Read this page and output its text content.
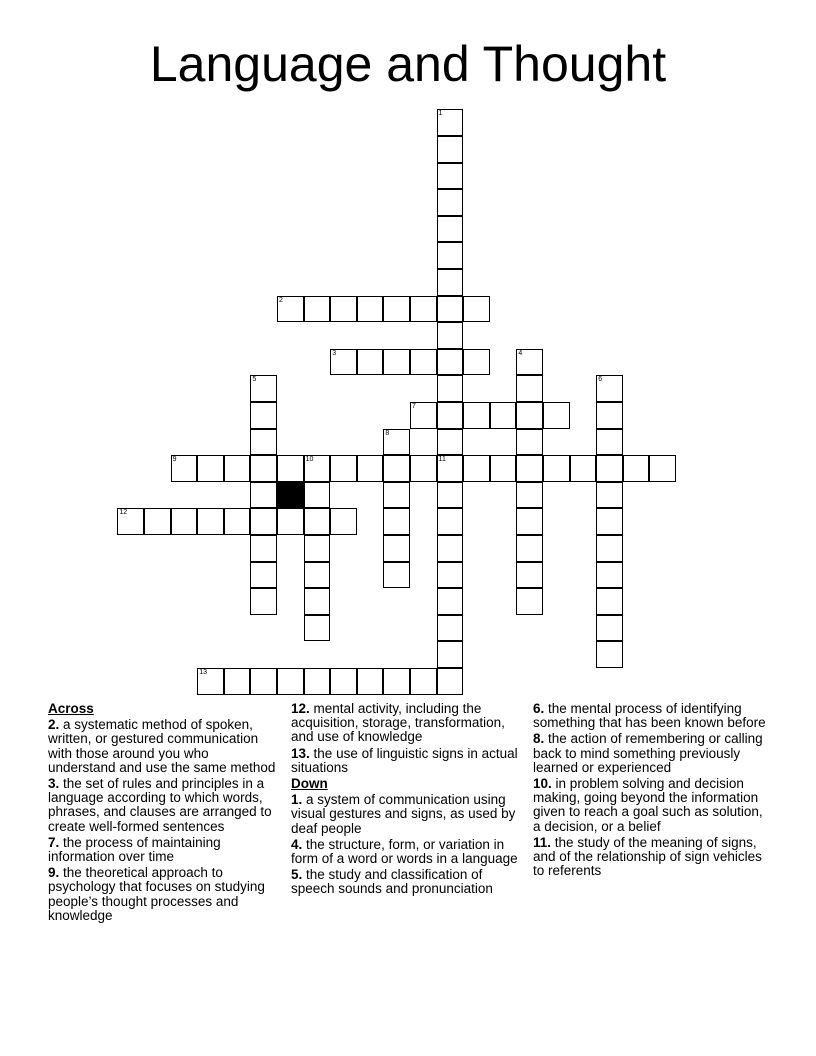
Language and Thought
1
11
2
3	4
5	6
7
8
9	10
12
13
Across
2. a systematic method of spoken, written, or gestured communication with those around you who understand and use the same method
3. the set of rules and principles in a language according to which words, phrases, and clauses are arranged to create well-formed sentences
7. the process of maintaining information over time
9. the theoretical approach to psychology that focuses on studying people’s thought processes and knowledge
12. mental activity, including the acquisition, storage, transformation, and use of knowledge
13. the use of linguistic signs in actual situations
Down
1. a system of communication using visual gestures and signs, as used by deaf people
4. the structure, form, or variation in form of a word or words in a language
5. the study and classification of speech sounds and pronunciation
6. the mental process of identifying something that has been known before
8. the action of remembering or calling back to mind something previously learned or experienced
10. in problem solving and decision making, going beyond the information given to reach a goal such as solution, a decision, or a belief
11. the study of the meaning of signs, and of the relationship of sign vehicles to referents
